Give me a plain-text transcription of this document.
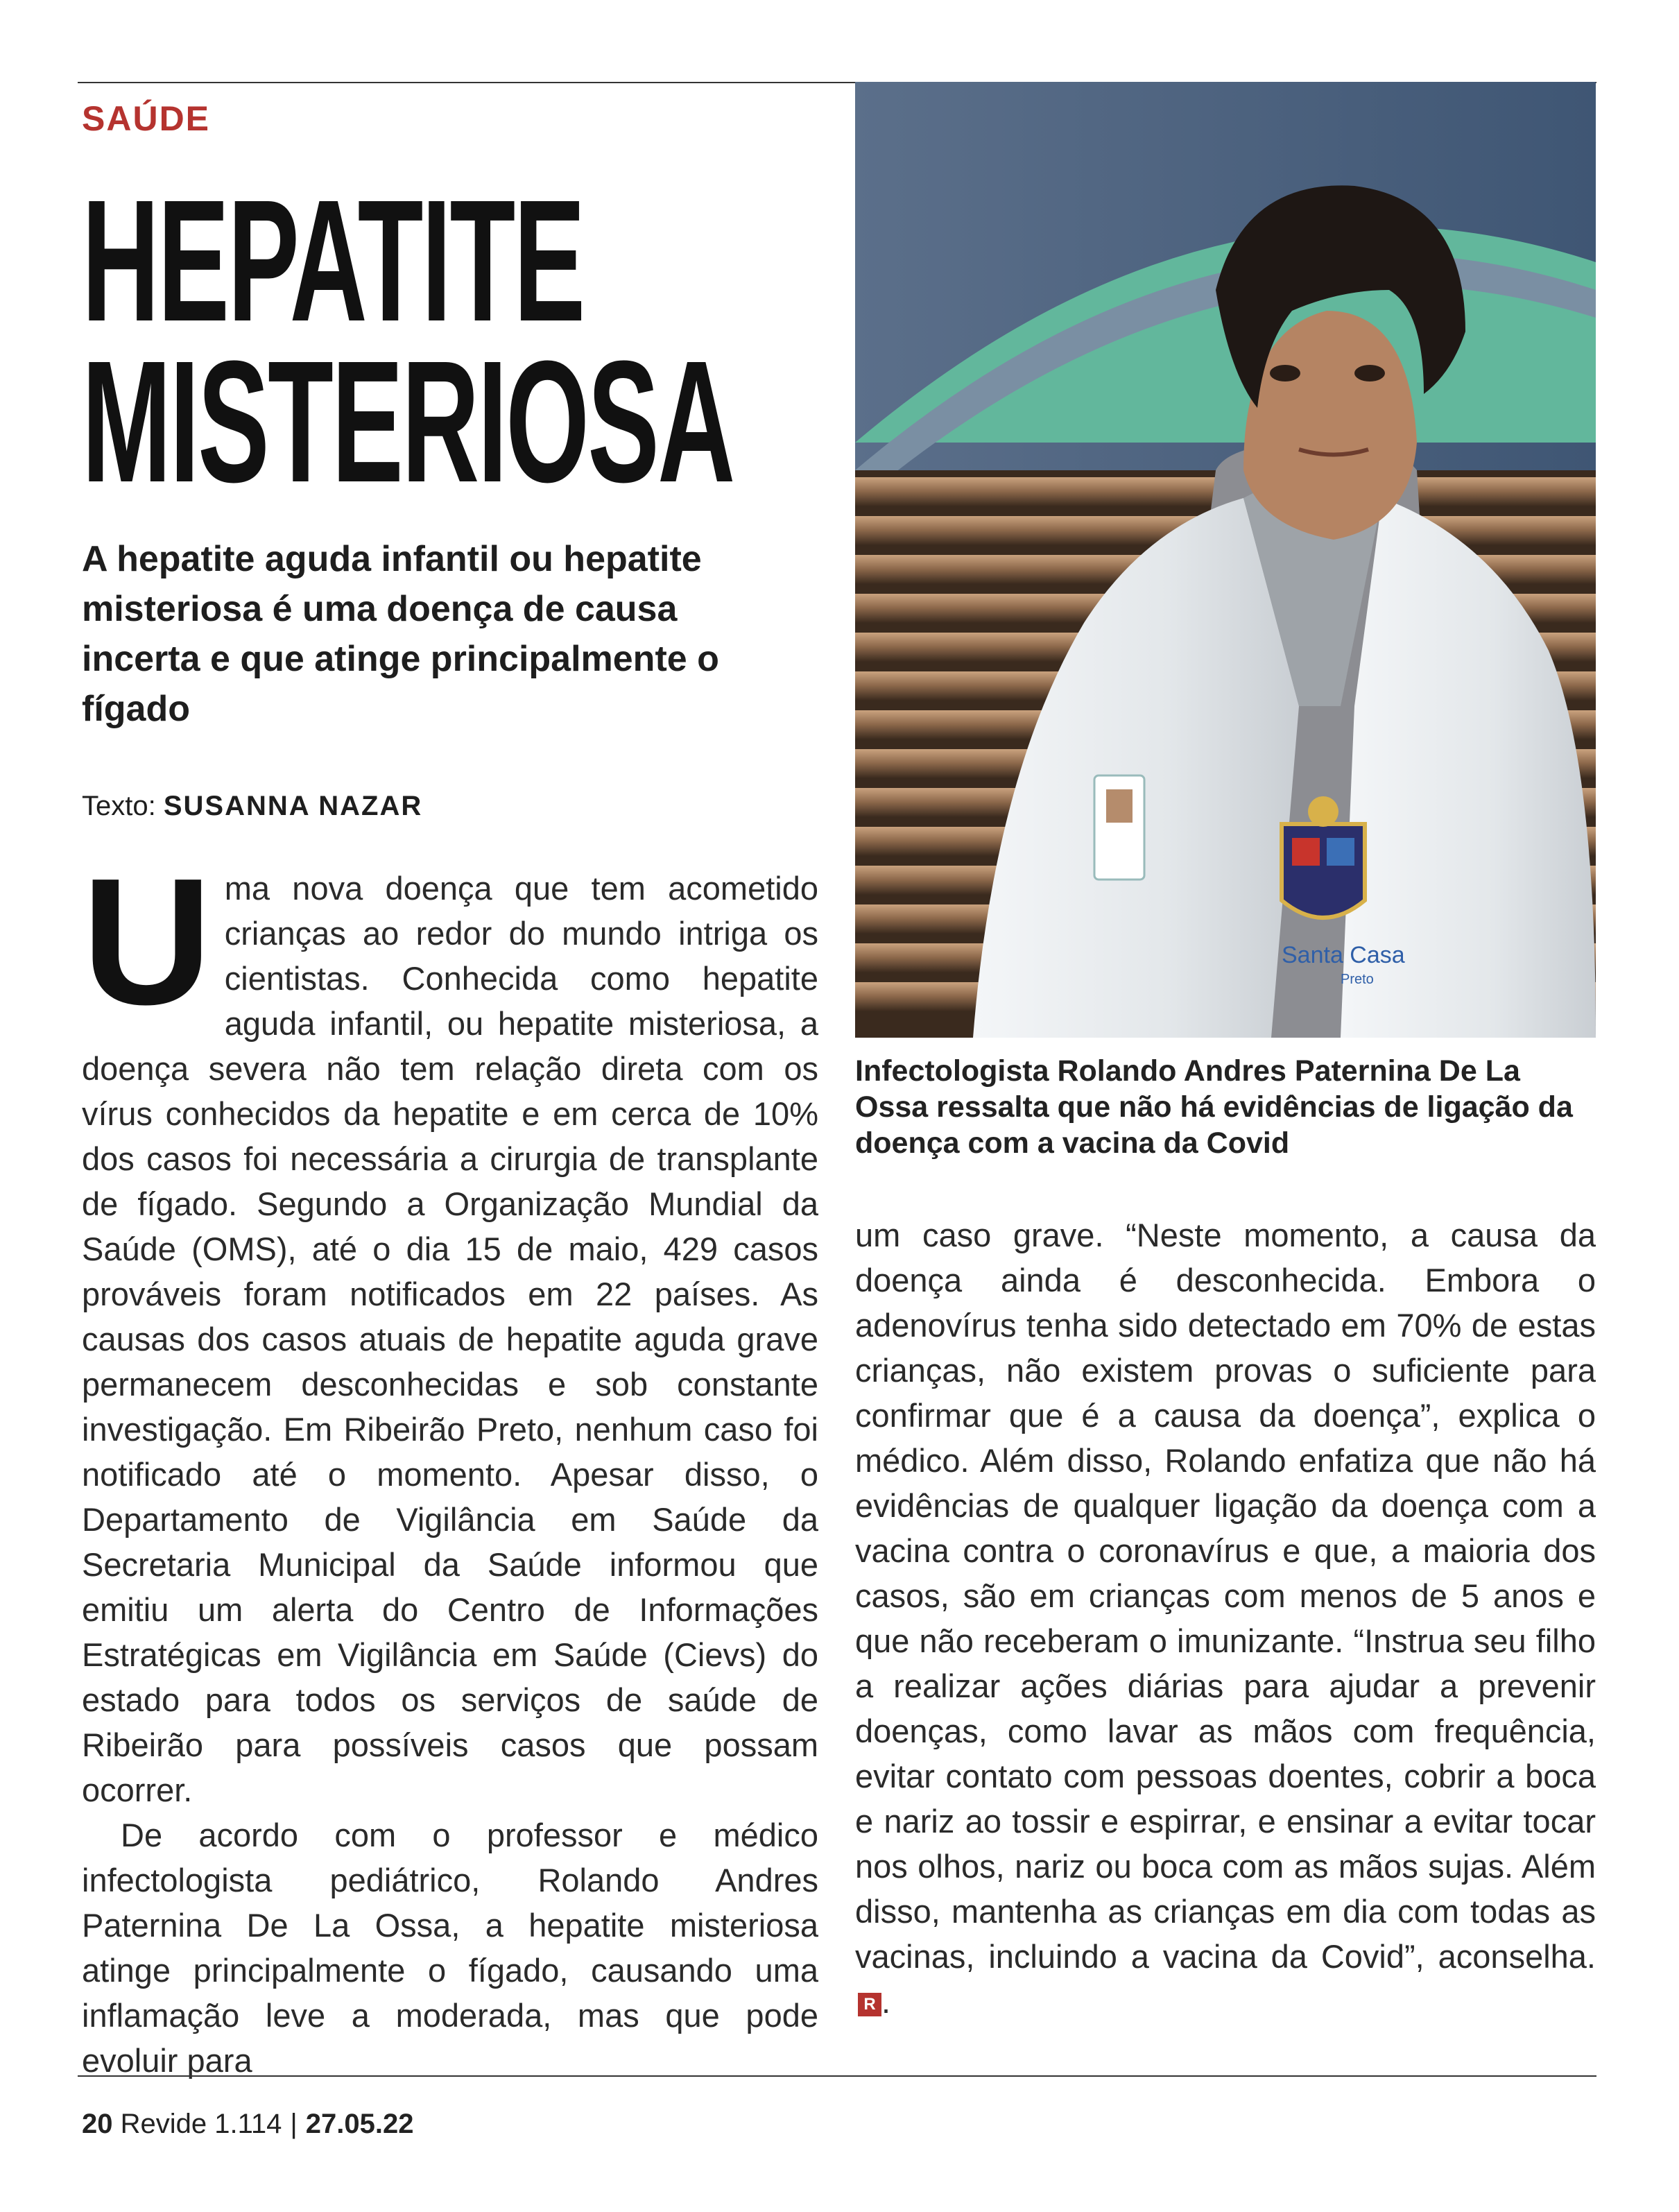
SAÚDE
HEPATITE
MISTERIOSA
A hepatite aguda infantil ou hepatite misteriosa é uma doença de causa incerta e que atinge principalmente o fígado
Texto: SUSANNA NAZAR

Uma nova doença que tem acometido crianças ao redor do mundo intriga os cientistas. Conhecida como hepatite aguda infantil, ou hepatite misteriosa, a doença severa não tem relação direta com os vírus conhecidos da hepatite e em cerca de 10% dos casos foi necessária a cirurgia de transplante de fígado. Segundo a Organização Mundial da Saúde (OMS), até o dia 15 de maio, 429 casos prováveis foram notificados em 22 países. As causas dos casos atuais de hepatite aguda grave permanecem desconhecidas e sob constante investigação. Em Ribeirão Preto, nenhum caso foi notificado até o momento. Apesar disso, o Departamento de Vigilância em Saúde da Secretaria Municipal da Saúde informou que emitiu um alerta do Centro de Informações Estratégicas em Vigilância em Saúde (Cievs) do estado para todos os serviços de saúde de Ribeirão para possíveis casos que possam ocorrer.

De acordo com o professor e médico infectologista pediátrico, Rolando Andres Paternina De La Ossa, a hepatite misteriosa atinge principalmente o fígado, causando uma inflamação leve a moderada, mas que pode evoluir para

Santa Casa
Preto
Infectologista Rolando Andres Paternina De La Ossa ressalta que não há evidências de ligação da doença com a vacina da Covid

um caso grave. “Neste momento, a causa da doença ainda é desconhecida. Embora o adenovírus tenha sido detectado em 70% de estas crianças, não existem provas o suficiente para confirmar que é a causa da doença”, explica o médico. Além disso, Rolando enfatiza que não há evidências de qualquer ligação da doença com a vacina contra o coronavírus e que, a maioria dos casos, são em crianças com menos de 5 anos e que não receberam o imunizante. “Instrua seu filho a realizar ações diárias para ajudar a prevenir doenças, como lavar as mãos com frequência, evitar contato com pessoas doentes, cobrir a boca e nariz ao tossir e espirrar, e ensinar a evitar tocar nos olhos, nariz ou boca com as mãos sujas. Além disso, mantenha as crianças em dia com todas as vacinas, incluindo a vacina da Covid”, aconselha. R .

20 Revide 1.114 | 27.05.22
